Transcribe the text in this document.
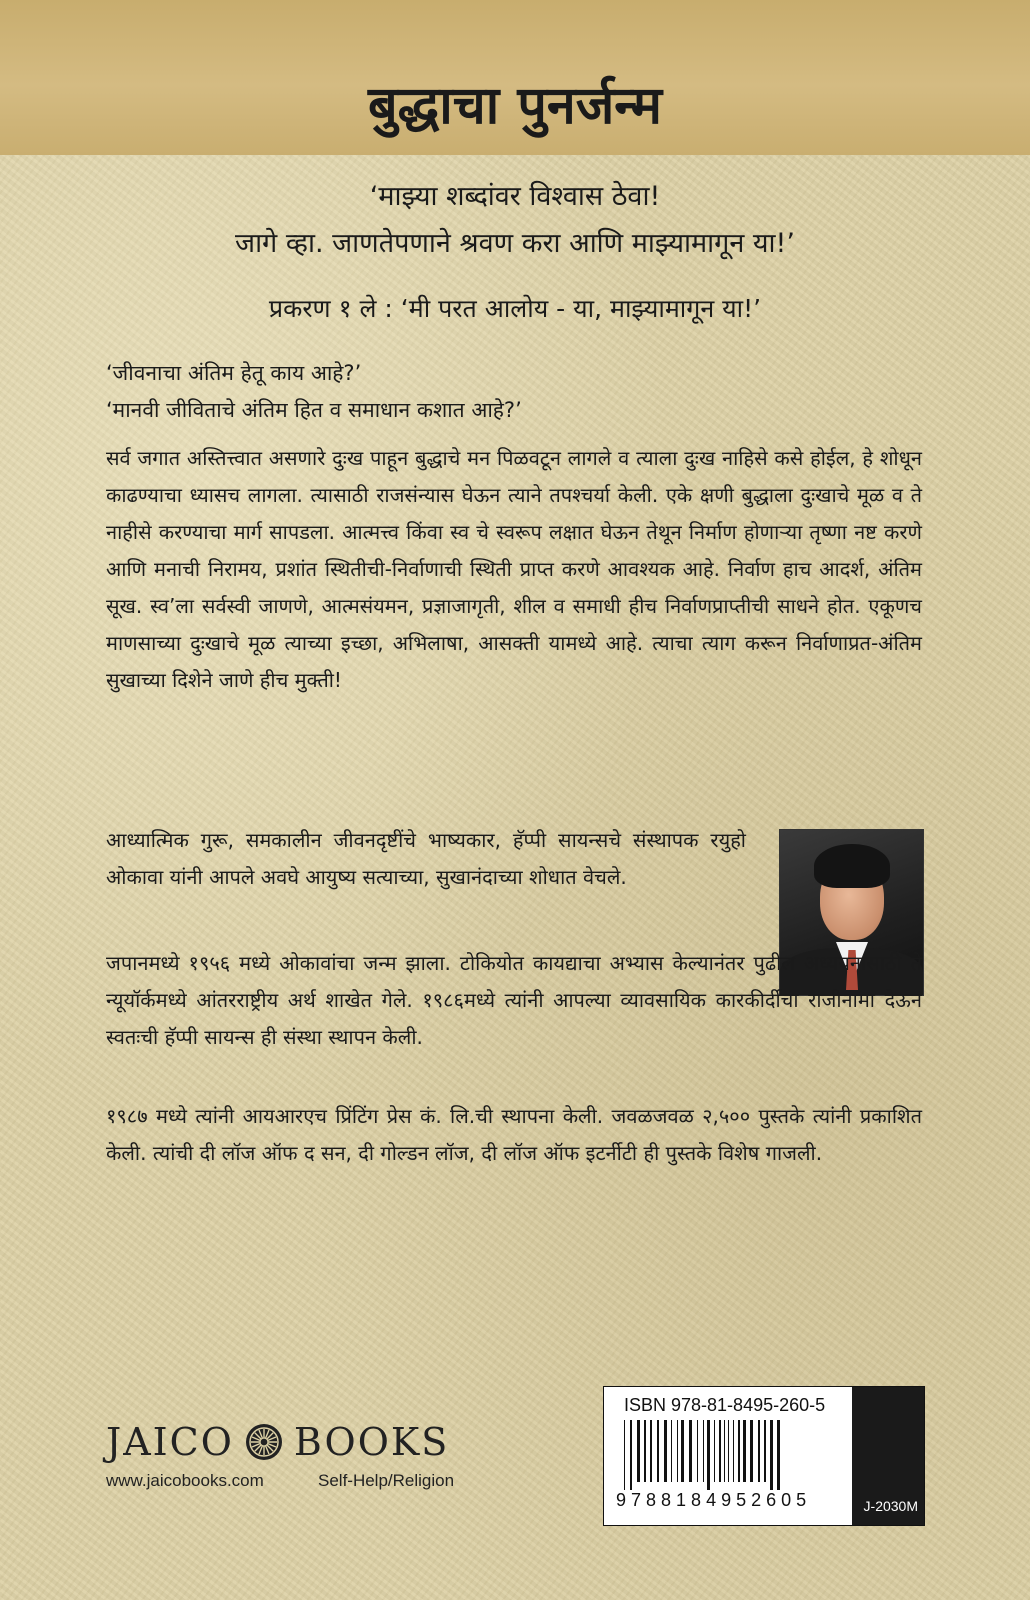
बुद्धाचा पुनर्जन्म
‘माझ्या शब्दांवर विश्वास ठेवा!
जागे व्हा. जाणतेपणाने श्रवण करा आणि माझ्यामागून या!’
प्रकरण १ ले : ‘मी परत आलोय - या, माझ्यामागून या!’
‘जीवनाचा अंतिम हेतू काय आहे?’
‘मानवी जीविताचे अंतिम हित व समाधान कशात आहे?’
सर्व जगात अस्तित्त्वात असणारे दुःख पाहून बुद्धाचे मन पिळवटून लागले व त्याला दुःख नाहिसे कसे होईल, हे शोधून काढण्याचा ध्यासच लागला. त्यासाठी राजसंन्यास घेऊन त्याने तपश्चर्या केली. एके क्षणी बुद्धाला दुःखाचे मूळ व ते नाहीसे करण्याचा मार्ग सापडला. आत्मत्त्व किंवा स्व चे स्वरूप लक्षात घेऊन तेथून निर्माण होणाऱ्या तृष्णा नष्ट करणे आणि मनाची निरामय, प्रशांत स्थितीची-निर्वाणाची स्थिती प्राप्त करणे आवश्यक आहे. निर्वाण हाच आदर्श, अंतिम सूख. स्व’ला सर्वस्वी जाणणे, आत्मसंयमन, प्रज्ञाजागृती, शील व समाधी हीच निर्वाणप्राप्तीची साधने होत. एकूणच माणसाच्या दुःखाचे मूळ त्याच्या इच्छा, अभिलाषा, आसक्ती यामध्ये आहे. त्याचा त्याग करून निर्वाणाप्रत-अंतिम सुखाच्या दिशेने जाणे हीच मुक्ती!
आध्यात्मिक गुरू, समकालीन जीवनदृष्टींचे भाष्यकार, हॅप्पी सायन्सचे संस्थापक रयुहो ओकावा यांनी आपले अवघे आयुष्य सत्याच्या, सुखानंदाच्या शोधात वेचले.
जपानमध्ये १९५६ मध्ये ओकावांचा जन्म झाला. टोकियोत कायद्याचा अभ्यास केल्यानंतर पुढील अध्ययनासाठी ते न्यूयॉर्कमध्ये आंतरराष्ट्रीय अर्थ शाखेत गेले. १९८६मध्ये त्यांनी आपल्या व्यावसायिक कारकीर्दीचा राजीनामा देऊन स्वतःची हॅप्पी सायन्स ही संस्था स्थापन केली.
१९८७ मध्ये त्यांनी आयआरएच प्रिंटिंग प्रेस कं. लि.ची स्थापना केली. जवळजवळ २,५०० पुस्तके त्यांनी प्रकाशित केली. त्यांची दी लॉज ऑफ द सन, दी गोल्डन लॉज, दी लॉज ऑफ इटर्नीटी ही पुस्तके विशेष गाजली.
JAICO BOOKS
www.jaicobooks.com	Self-Help/Religion
ISBN 978-81-8495-260-5
9788184952605	J-2030M
